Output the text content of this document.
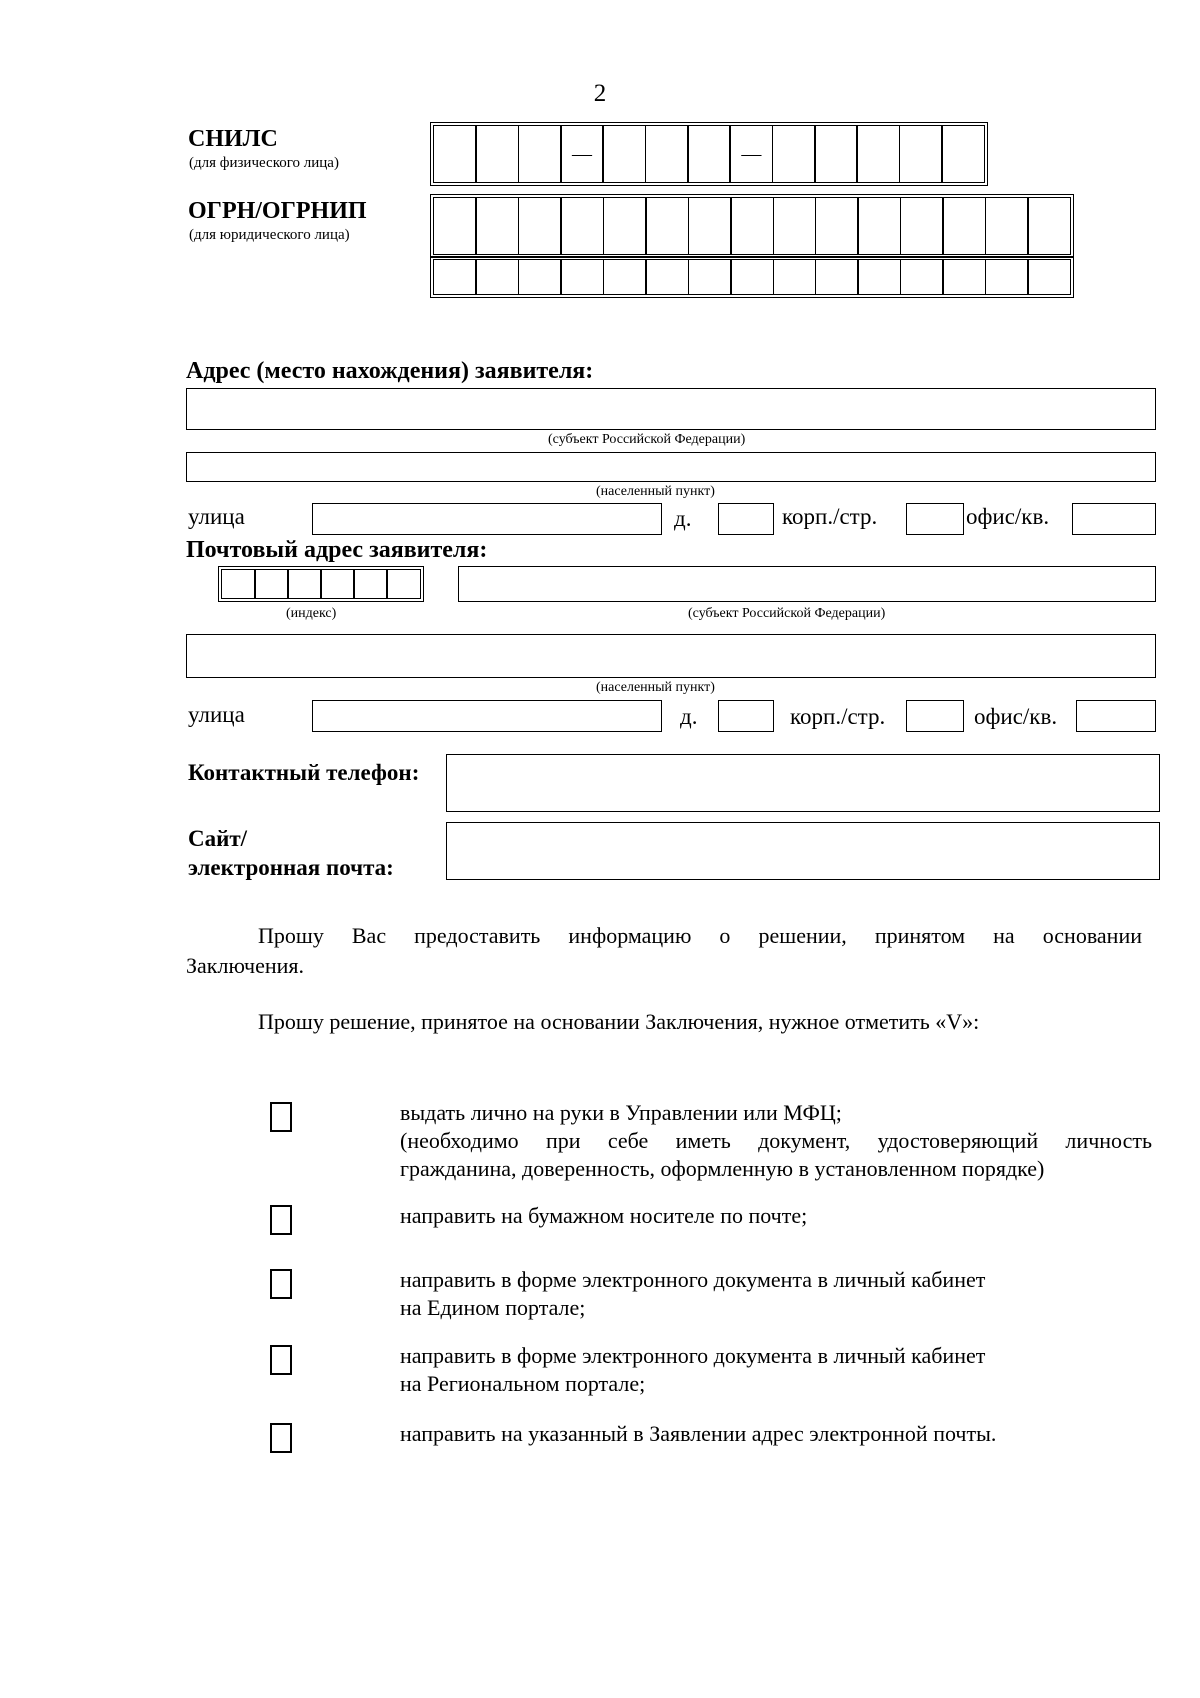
2
СНИЛС
(для физического лица)	—	—
ОГРН/ОГРНИП
(для юридического лица)
Адрес (место нахождения) заявителя:
(субъект Российской Федерации)
(населенный пункт)
улица	д.	корп./стр.	офис/кв.
Почтовый адрес заявителя:
(индекс)	(субъект Российской Федерации)
(населенный пункт)
улица	д.	корп./стр.	офис/кв.
Контактный телефон:
Сайт/
электронная почта:
Прошу Вас предоставить информацию о решении, принятом на основании
Заключения.
Прошу решение, принятое на основании Заключения, нужное отметить «V»:
выдать лично на руки в Управлении или МФЦ;
(необходимо при себе иметь документ, удостоверяющий личность
гражданина, доверенность, оформленную в установленном порядке)
направить на бумажном носителе по почте;
направить в форме электронного документа в личный кабинет
на Едином портале;
направить в форме электронного документа в личный кабинет
на Региональном портале;
направить на указанный в Заявлении адрес электронной почты.
